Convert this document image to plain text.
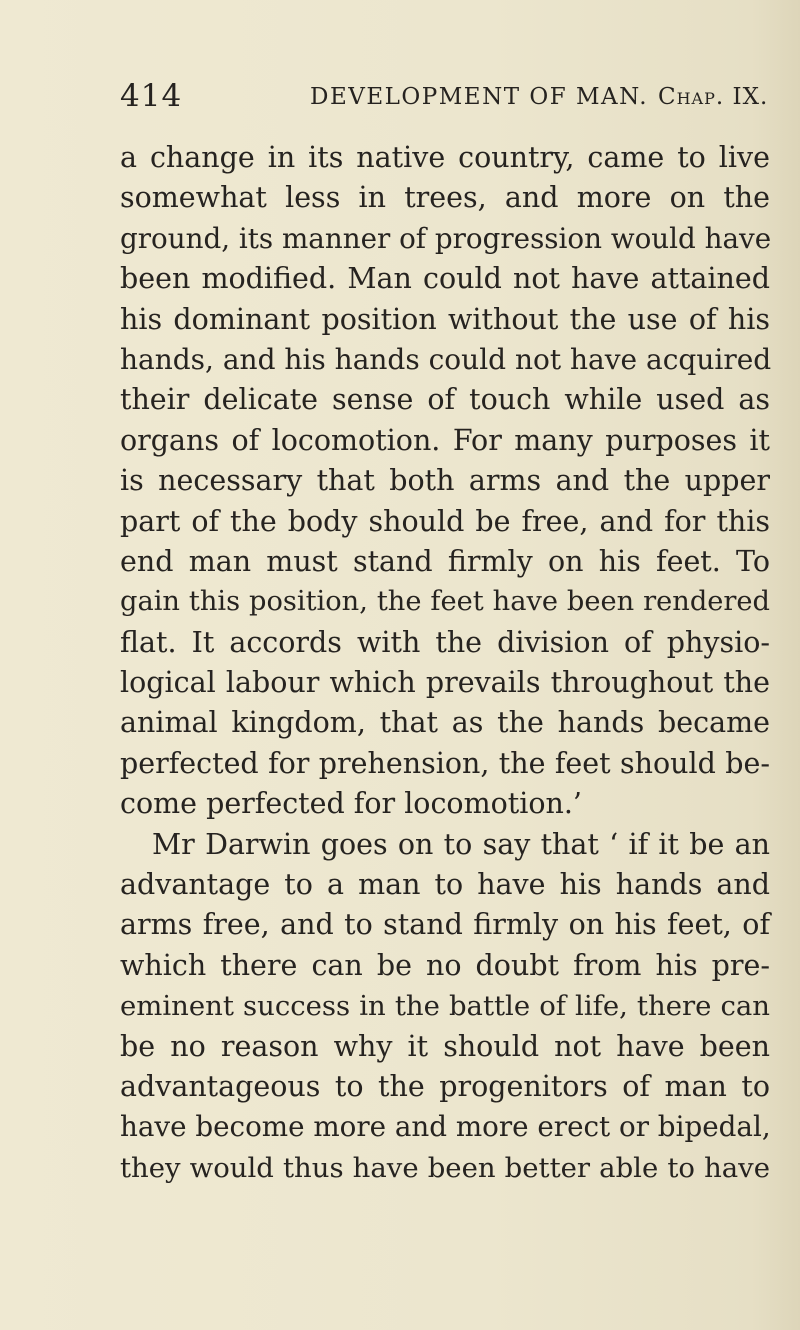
414	DEVELOPMENT OF MAN. Chap. IX.
a change in its native country, came to live
somewhat less in trees, and more on the
ground, its manner of progression would have
been modified. Man could not have attained
his dominant position without the use of his
hands, and his hands could not have acquired
their delicate sense of touch while used as
organs of locomotion. For many purposes it
is necessary that both arms and the upper
part of the body should be free, and for this
end man must stand firmly on his feet. To
gain this position, the feet have been rendered
flat. It accords with the division of physio-
logical labour which prevails throughout the
animal kingdom, that as the hands became
perfected for prehension, the feet should be-
come perfected for locomotion.’
Mr Darwin goes on to say that ‘ if it be an
advantage to a man to have his hands and
arms free, and to stand firmly on his feet, of
which there can be no doubt from his pre-
eminent success in the battle of life, there can
be no reason why it should not have been
advantageous to the progenitors of man to
have become more and more erect or bipedal,
they would thus have been better able to have
